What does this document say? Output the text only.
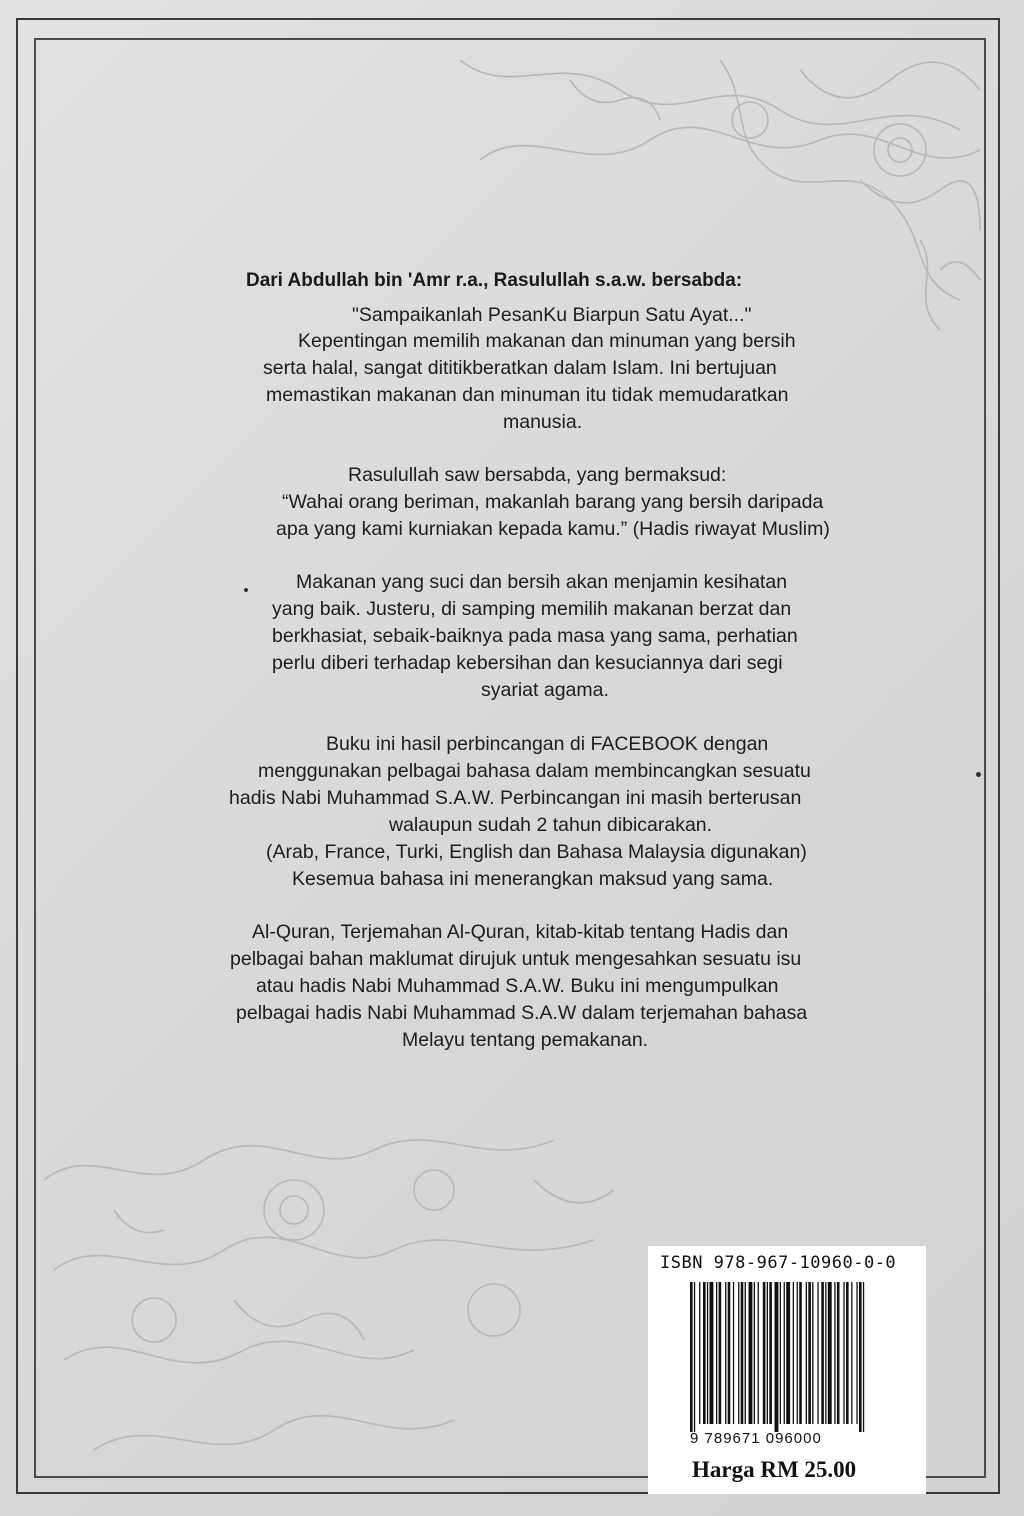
Dari Abdullah bin 'Amr r.a., Rasulullah s.a.w. bersabda:
"Sampaikanlah PesanKu Biarpun Satu Ayat..."
Kepentingan memilih makanan dan minuman yang bersih
serta halal, sangat dititikberatkan dalam Islam. Ini bertujuan
memastikan makanan dan minuman itu tidak memudaratkan
manusia.
Rasulullah saw bersabda, yang bermaksud:
“Wahai orang beriman, makanlah barang yang bersih daripada
apa yang kami kurniakan kepada kamu.” (Hadis riwayat Muslim)
Makanan yang suci dan bersih akan menjamin kesihatan
yang baik. Justeru, di samping memilih makanan berzat dan
berkhasiat, sebaik-baiknya pada masa yang sama, perhatian
perlu diberi terhadap kebersihan dan kesuciannya dari segi
syariat agama.
Buku ini hasil perbincangan di FACEBOOK dengan
menggunakan pelbagai bahasa dalam membincangkan sesuatu
hadis Nabi Muhammad S.A.W. Perbincangan ini masih berterusan
walaupun sudah 2 tahun dibicarakan.
(Arab, France, Turki, English dan Bahasa Malaysia digunakan)
Kesemua bahasa ini menerangkan maksud yang sama.
Al-Quran, Terjemahan Al-Quran, kitab-kitab tentang Hadis dan
pelbagai bahan maklumat dirujuk untuk mengesahkan sesuatu isu
atau hadis Nabi Muhammad S.A.W. Buku ini mengumpulkan
pelbagai hadis Nabi Muhammad S.A.W dalam terjemahan bahasa
Melayu tentang pemakanan.
ISBN 978-967-10960-0-0
9 789671 096000
Harga RM 25.00
